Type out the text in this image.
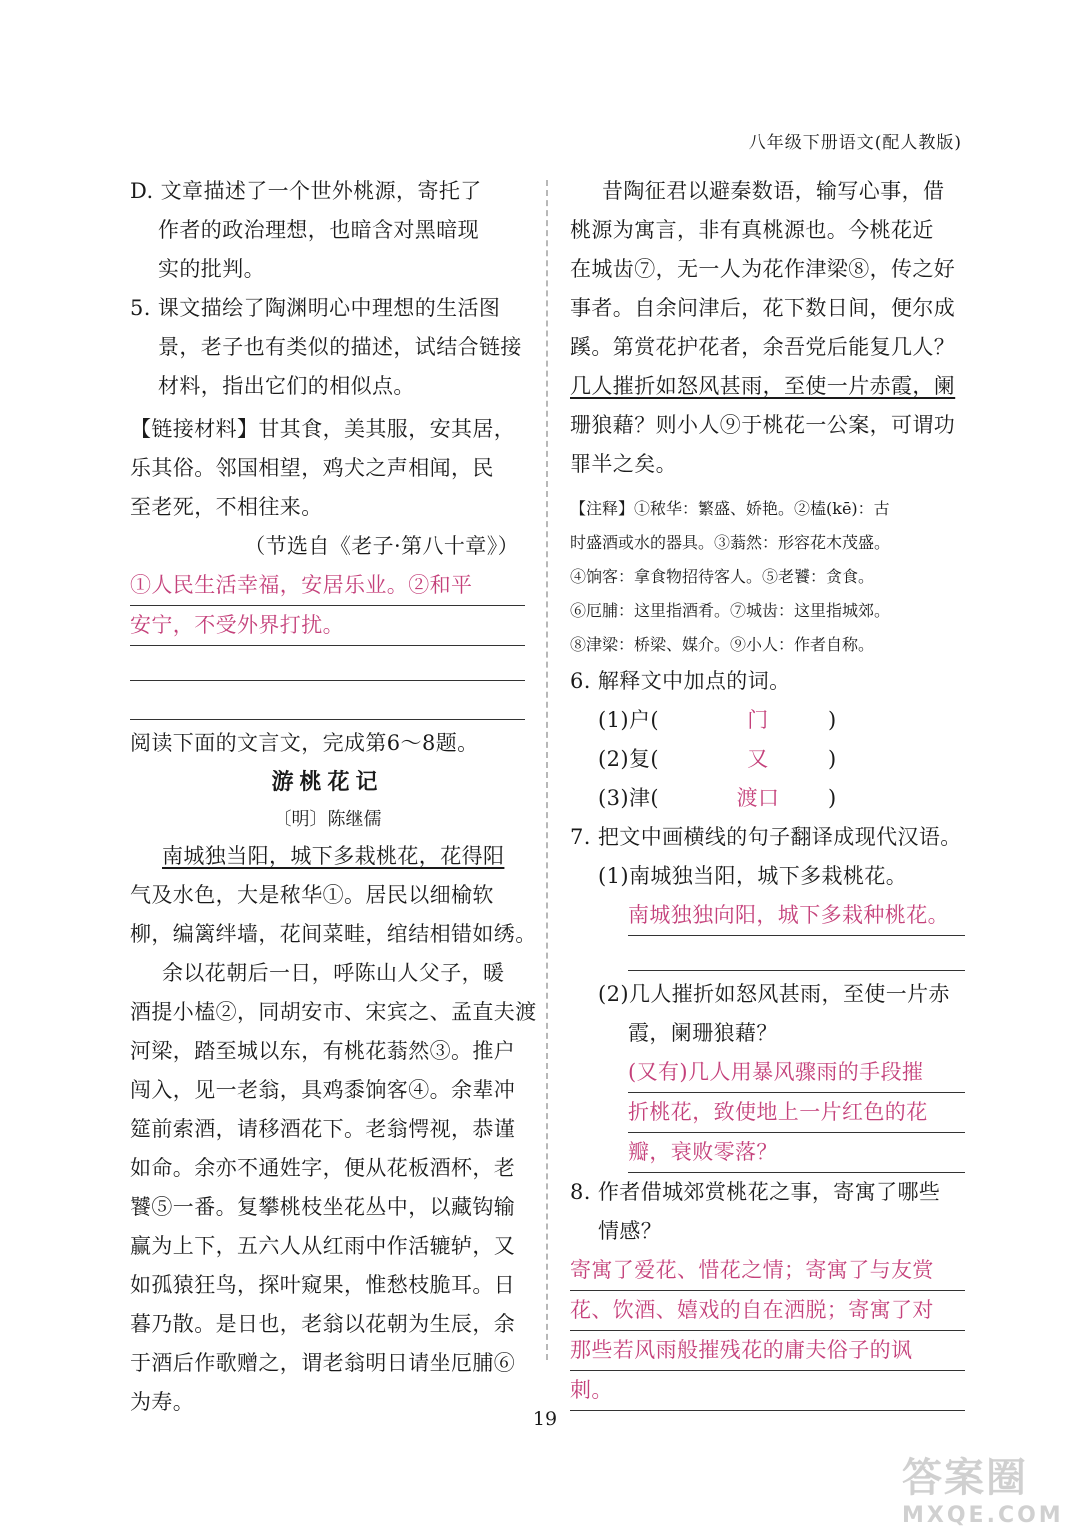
八年级下册语文(配人教版)
D. 文章描述了一个世外桃源，寄托了
作者的政治理想，也暗含对黑暗现
实的批判。
5. 课文描绘了陶渊明心中理想的生活图
景，老子也有类似的描述，试结合链接
材料，指出它们的相似点。
【链接材料】甘其食，美其服，安其居，
乐其俗。邻国相望，鸡犬之声相闻，民
至老死，不相往来。
（节选自《老子·第八十章》）
①人民生活幸福，安居乐业。②和平
安宁，不受外界打扰。
阅读下面的文言文，完成第6～8题。
游桃花记
〔明〕陈继儒
南城独当阳，城下多栽桃花，花得阳
气及水色，大是秾华①。居民以细榆软
柳，编篱绊墙，花间菜畦，绾结相错如绣。
余以花朝后一日，呼陈山人父子，暖
酒提小榼②，同胡安市、宋宾之、孟直夫渡
河梁，踏至城以东，有桃花蓊然③。推户
闯入，见一老翁，具鸡黍饷客④。余辈冲
筵前索酒，请移酒花下。老翁愕视，恭谨
如命。余亦不通姓字，便从花板酒杯，老
饕⑤一番。复攀桃枝坐花丛中，以藏钩输
赢为上下，五六人从红雨中作活辘轳，又
如孤猿狂鸟，探叶窥果，惟愁枝脆耳。日
暮乃散。是日也，老翁以花朝为生辰，余
于酒后作歌赠之，谓老翁明日请坐厄脯⑥
为寿。
昔陶征君以避秦数语，输写心事，借
桃源为寓言，非有真桃源也。今桃花近
在城齿⑦，无一人为花作津梁⑧，传之好
事者。自余问津后，花下数日间，便尔成
蹊。第赏花护花者，余吾党后能复几人？
几人摧折如怒风甚雨，至使一片赤霞，阑
珊狼藉？则小人⑨于桃花一公案，可谓功
罪半之矣。
【注释】①秾华：繁盛、娇艳。②榼(kē)：古
时盛酒或水的器具。③蓊然：形容花木茂盛。
④饷客：拿食物招待客人。⑤老饕：贪食。
⑥厄脯：这里指酒肴。⑦城齿：这里指城郊。
⑧津梁：桥梁、媒介。⑨小人：作者自称。
6. 解释文中加点的词。
(1)户(	门	)
(2)复(	又	)
(3)津(	渡口	)
7. 把文中画横线的句子翻译成现代汉语。
(1)南城独当阳，城下多栽桃花。
南城独独向阳，城下多栽种桃花。
(2)几人摧折如怒风甚雨，至使一片赤
霞，阑珊狼藉？
(又有)几人用暴风骤雨的手段摧
折桃花，致使地上一片红色的花
瓣，衰败零落？
8. 作者借城郊赏桃花之事，寄寓了哪些
情感？
寄寓了爱花、惜花之情；寄寓了与友赏
花、饮酒、嬉戏的自在洒脱；寄寓了对
那些若风雨般摧残花的庸夫俗子的讽
刺。
19
答案圈
MXQE.COM
